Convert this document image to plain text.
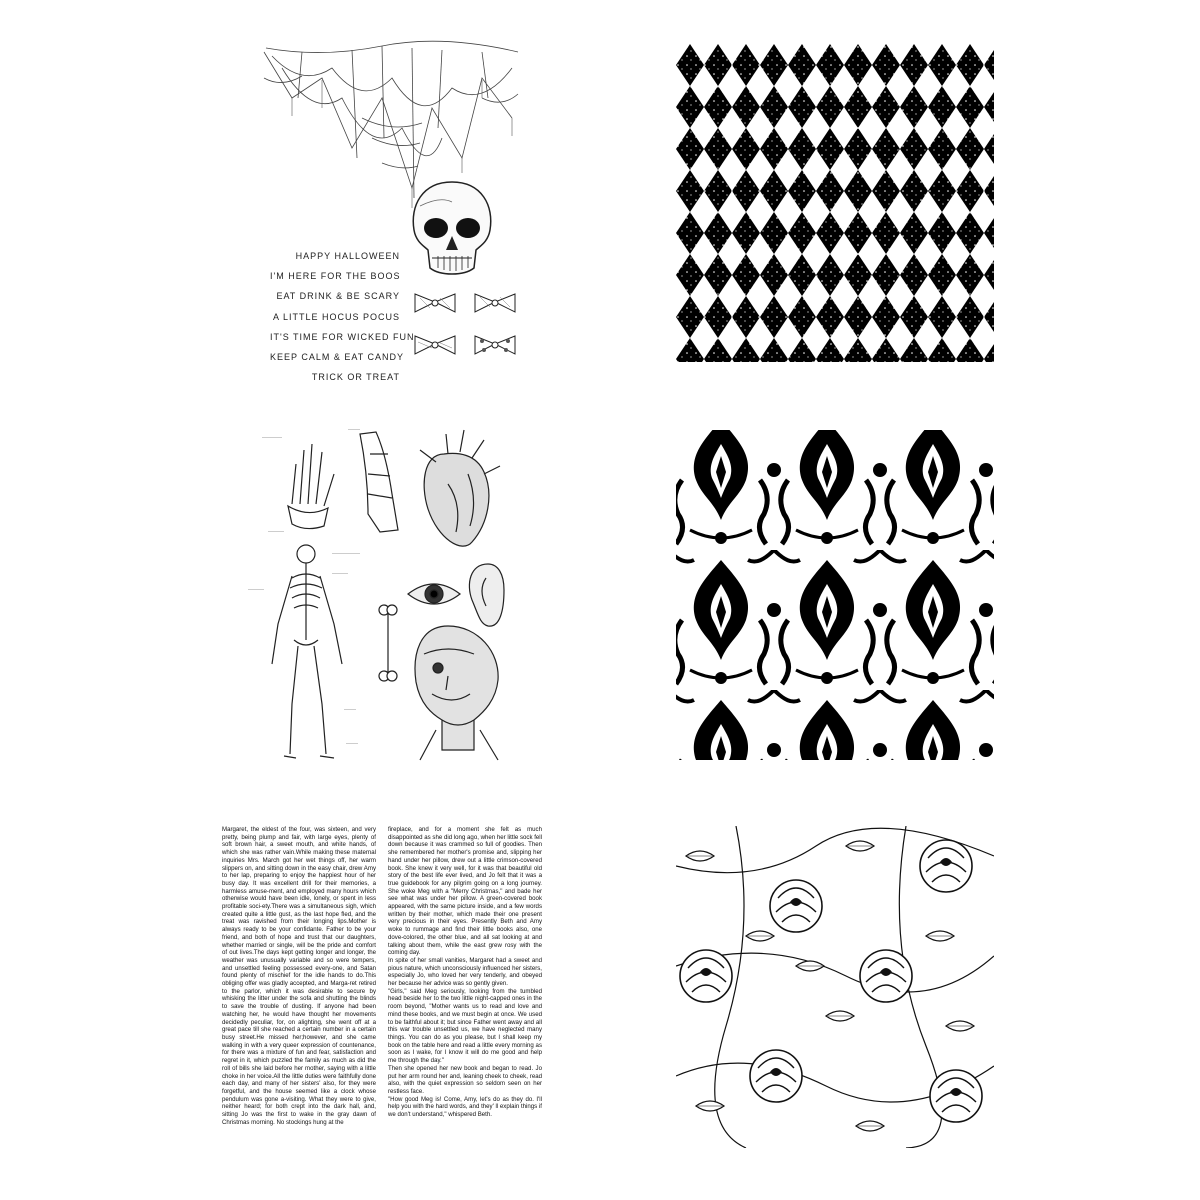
HAPPY HALLOWEEN
I'M HERE FOR THE BOOS
EAT DRINK & BE SCARY
A LITTLE HOCUS POCUS
IT'S TIME FOR WICKED FUN
KEEP CALM & EAT CANDY
TRICK OR TREAT
—————
———
————
———————
————
————
———
———

Margaret, the eldest of the four, was sixteen, and very pretty, being plump and fair, with large eyes, plenty of soft brown hair, a sweet mouth, and white hands, of which she was rather vain.While making these maternal inquiries Mrs. March got her wet things off, her warm slippers on, and sitting down in the easy chair, drew Amy to her lap, preparing to enjoy the happiest hour of her busy day. It was excellent drill for their memories, a harmless amuse-ment, and employed many hours which otherwise would have been idle, lonely, or spent in less profitable soci-ety.There was a simultaneous sigh, which created quite a little gust, as the last hope fled, and the treat was ravished from their longing lips.Mother is always ready to be your confidante. Father to be your friend, and both of hope and trust that our daughters, whether married or single, will be the pride and comfort of out lives.The days kept getting longer and longer, the weather was unusually variable and so were tempers, and unsettled feeling possessed every-one, and Satan found plenty of mischief for the idle hands to do.This obliging offer was gladly accepted, and Marga-ret retired to the parlor, which it was desirable to secure by whisking the litter under the sofa and shutting the blinds to save the trouble of dusting. If anyone had been watching her, he would have thought her movements decidedly peculiar, for, on alighting, she went off at a great pace till she reached a certain number in a certain busy street.He missed her;however, and she came walking in with a very queer expression of countenance, for there was a mixture of fun and fear, satisfaction and regret in it, which puzzled the family as much as did the roll of bills she laid before her mother, saying with a little choke in her voice.All the little duties were faithfully done each day, and many of her sisters' also, for they were forgetful, and the house seemed like a clock whose pendulum was gone a-visiting. What they were to give, neither heard; for both crept into the dark hall, and, sitting Jo was the first to wake in the gray dawn of Christmas morning. No stockings hung at the

fireplace, and for a moment she felt as much disappointed as she did long ago, when her little sock fell down because it was crammed so full of goodies. Then she remembered her mother's promise and, slipping her hand under her pillow, drew out a little crimson-covered book. She knew it very well, for it was that beautiful old story of the best life ever lived, and Jo felt that it was a true guidebook for any pilgrim going on a long journey. She woke Meg with a "Merry Christmas," and bade her see what was under her pillow. A green-covered book appeared, with the same picture inside, and a few words written by their mother, which made their one present very precious in their eyes. Presently Beth and Amy woke to rummage and find their little books also, one dove-colored, the other blue, and all sat looking at and talking about them, while the east grew rosy with the coming day.

In spite of her small vanities, Margaret had a sweet and pious nature, which unconsciously influenced her sisters, especially Jo, who loved her very tenderly, and obeyed her because her advice was so gently given.

"Girls," said Meg seriously, looking from the tumbled head beside her to the two little night-capped ones in the room beyond, "Mother wants us to read and love and mind these books, and we must begin at once. We used to be faithful about it; but since Father went away and all this war trouble unsettled us, we have neglected many things. You can do as you please, but I shall keep my book on the table here and read a little every morning as soon as I wake, for I know it will do me good and help me through the day."

Then she opened her new book and began to read. Jo put her arm round her and, leaning cheek to cheek, read also, with the quiet expression so seldom seen on her restless face.

"How good Meg is! Come, Amy, let's do as they do. I'll help you with the hard words, and they' ll explain things if we don't understand," whispered Beth.
